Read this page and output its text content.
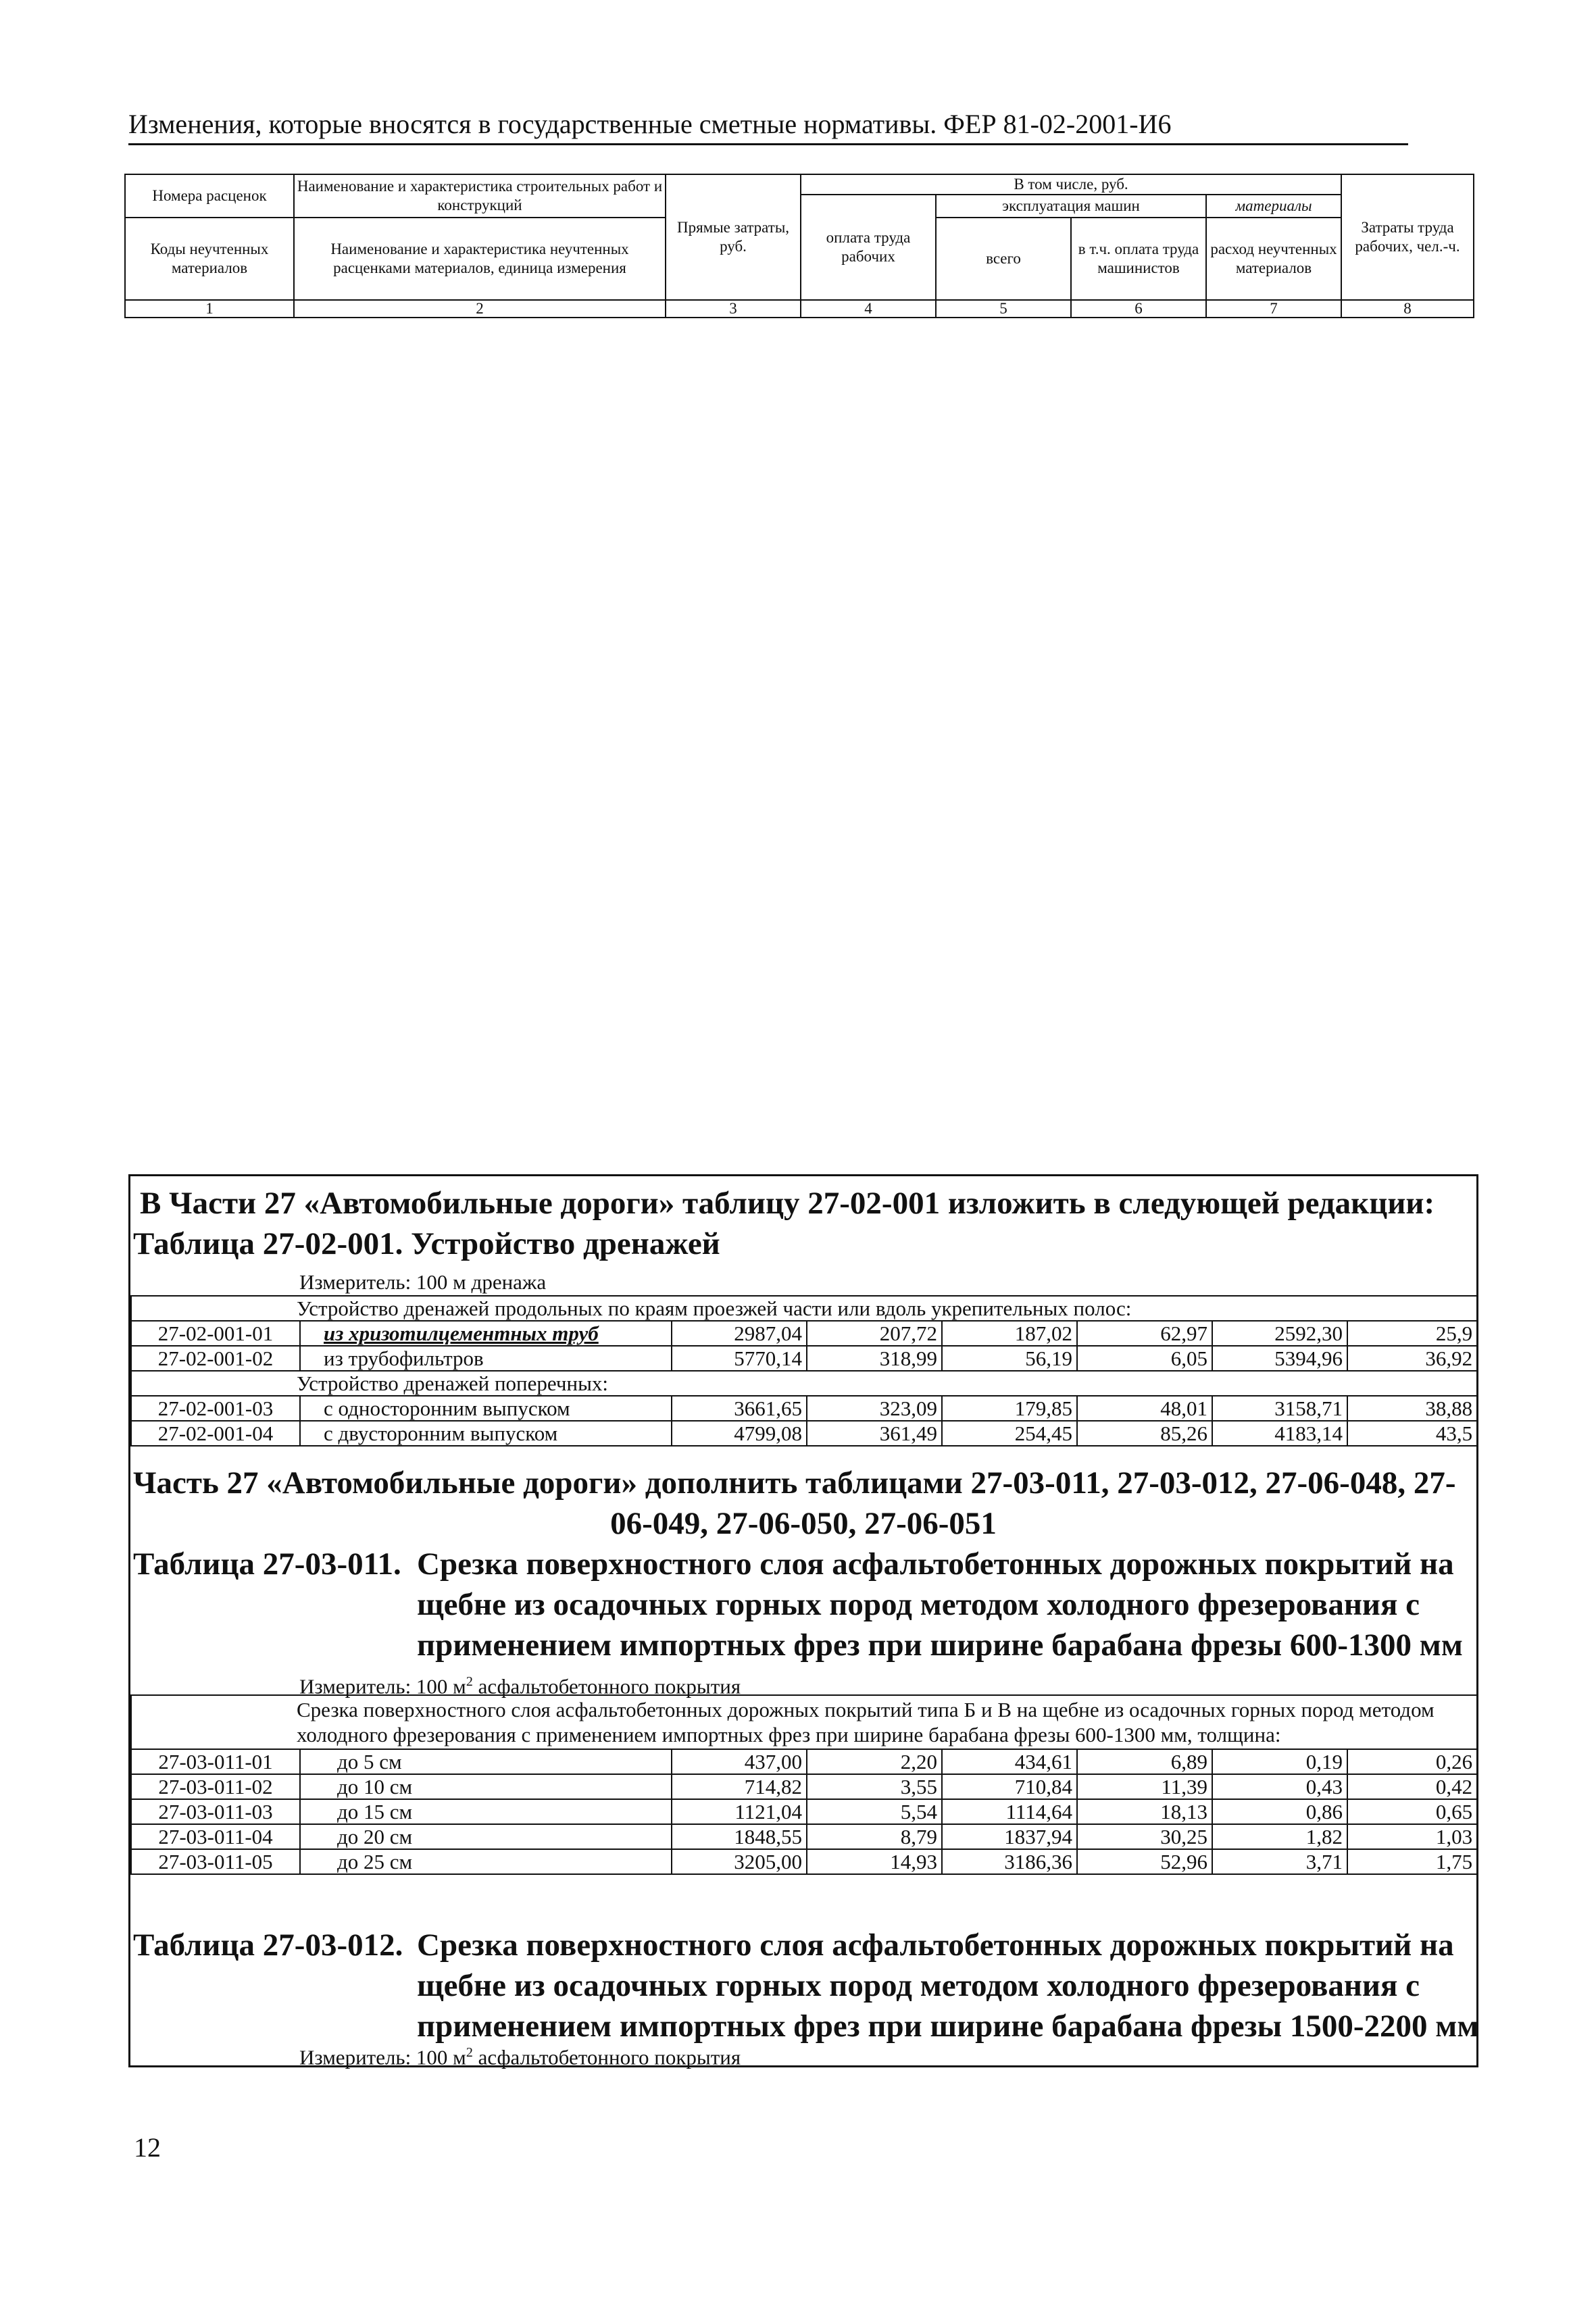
Изменения, которые вносятся в государственные сметные нормативы. ФЕР 81-02-2001-И6
Номера расценок	Наименование и характеристика строительных работ и конструкций	Прямые затраты, руб.	В том числе, руб.				Затраты труда рабочих, чел.-ч.
			оплата труда рабочих	эксплуатация машин		материалы	
Коды неучтенных материалов	Наименование и характеристика неучтенных расценками материалов, единица измерения			всего	в т.ч. оплата труда машинистов	расход неучтенных материалов	

1	2	3	4	5	6	7	8
В Части 27 «Автомобильные дороги» таблицу 27-02-001 изложить в следующей редакции:
Таблица 27-02-001. Устройство дренажей
Измеритель: 100 м дренажа
Устройство дренажей продольных по краям проезжей части или вдоль укрепительных полос:							
27-02-001-01	из хризотилцементных труб	2987,04	207,72	187,02	62,97	2592,30	25,9
27-02-001-02	из трубофильтров	5770,14	318,99	56,19	6,05	5394,96	36,92
Устройство дренажей поперечных:							
27-02-001-03	с односторонним выпуском	3661,65	323,09	179,85	48,01	3158,71	38,88
27-02-001-04	с двусторонним выпуском	4799,08	361,49	254,45	85,26	4183,14	43,5
Часть 27 «Автомобильные дороги» дополнить таблицами 27-03-011, 27-03-012, 27-06-048, 27-
06-049, 27-06-050, 27-06-051
Таблица 27-03-011. Срезка поверхностного слоя асфальтобетонных дорожных покрытий на
щебне из осадочных горных пород методом холодного фрезерования с
применением импортных фрез при ширине барабана фрезы 600-1300 мм
Измеритель: 100 $м^2$ асфальтобетонного покрытия
Срезка поверхностного слоя асфальтобетонных дорожных покрытий типа Б и В на щебне из осадочных горных пород методом холодного фрезерования с применением импортных фрез при ширине барабана фрезы 600-1300 мм, толщина:							
27-03-011-01	до 5 см	437,00	2,20	434,61	6,89	0,19	0,26
27-03-011-02	до 10 см	714,82	3,55	710,84	11,39	0,43	0,42
27-03-011-03	до 15 см	1121,04	5,54	1114,64	18,13	0,86	0,65
27-03-011-04	до 20 см	1848,55	8,79	1837,94	30,25	1,82	1,03
27-03-011-05	до 25 см	3205,00	14,93	3186,36	52,96	3,71	1,75
Таблица 27-03-012. Срезка поверхностного слоя асфальтобетонных дорожных покрытий на
щебне из осадочных горных пород методом холодного фрезерования с
применением импортных фрез при ширине барабана фрезы 1500-2200 мм
Измеритель: 100 $м^2$ асфальтобетонного покрытия
12
